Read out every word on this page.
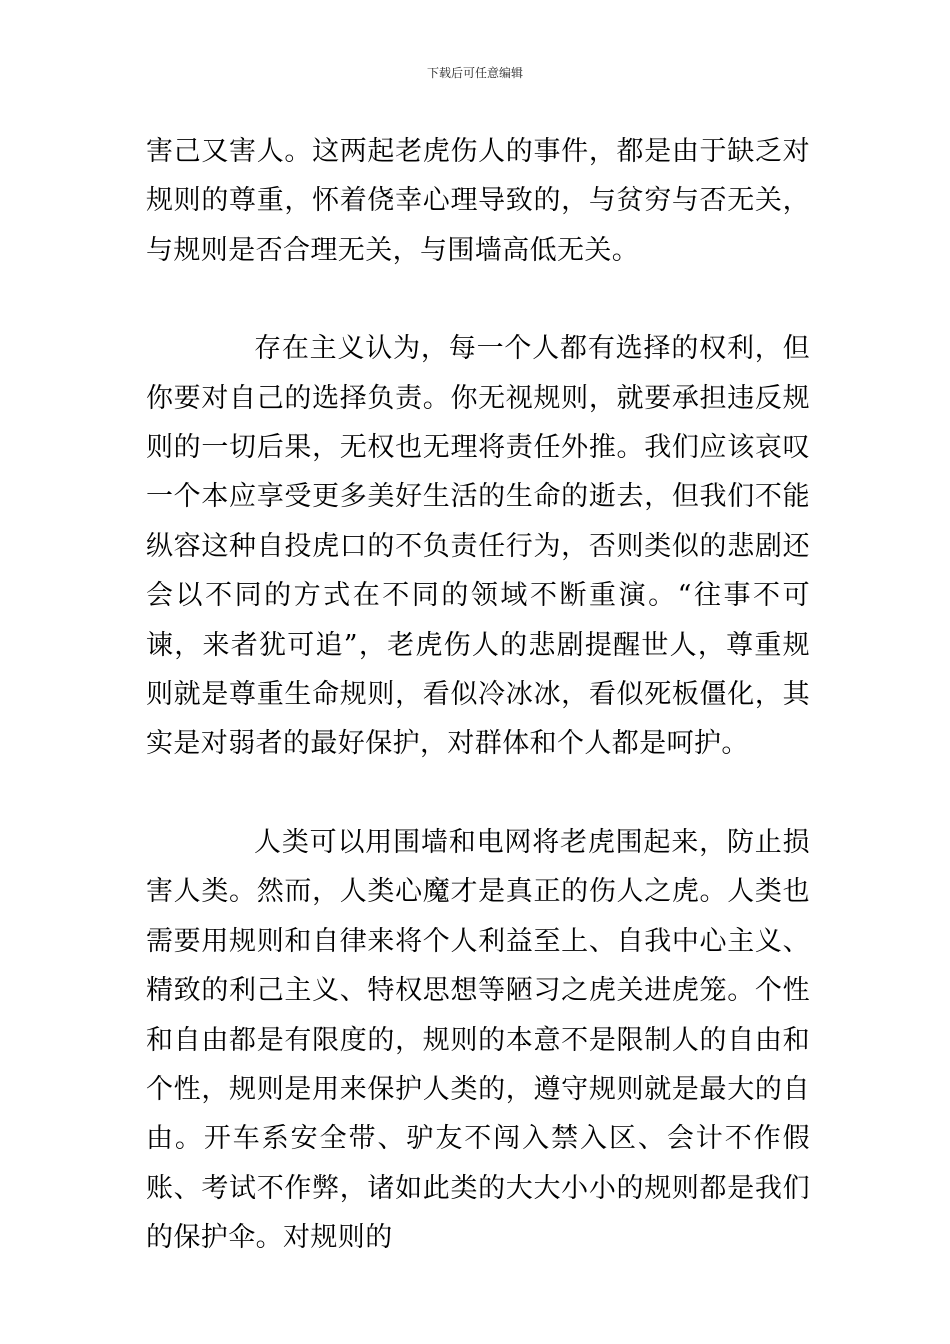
下载后可任意编辑

害己又害人。这两起老虎伤人的事件，都是由于缺乏对规则的尊重，怀着侥幸心理导致的，与贫穷与否无关，与规则是否合理无关，与围墙高低无关。

存在主义认为，每一个人都有选择的权利，但你要对自己的选择负责。你无视规则，就要承担违反规则的一切后果，无权也无理将责任外推。我们应该哀叹一个本应享受更多美好生活的生命的逝去，但我们不能纵容这种自投虎口的不负责任行为，否则类似的悲剧还会以不同的方式在不同的领域不断重演。“往事不可谏，来者犹可追”，老虎伤人的悲剧提醒世人，尊重规则就是尊重生命规则，看似冷冰冰，看似死板僵化，其实是对弱者的最好保护，对群体和个人都是呵护。

人类可以用围墙和电网将老虎围起来，防止损害人类。然而，人类心魔才是真正的伤人之虎。人类也需要用规则和自律来将个人利益至上、自我中心主义、精致的利己主义、特权思想等陋习之虎关进虎笼。个性和自由都是有限度的，规则的本意不是限制人的自由和个性，规则是用来保护人类的，遵守规则就是最大的自由。开车系安全带、驴友不闯入禁入区、会计不作假账、考试不作弊，诸如此类的大大小小的规则都是我们的保护伞。对规则的
